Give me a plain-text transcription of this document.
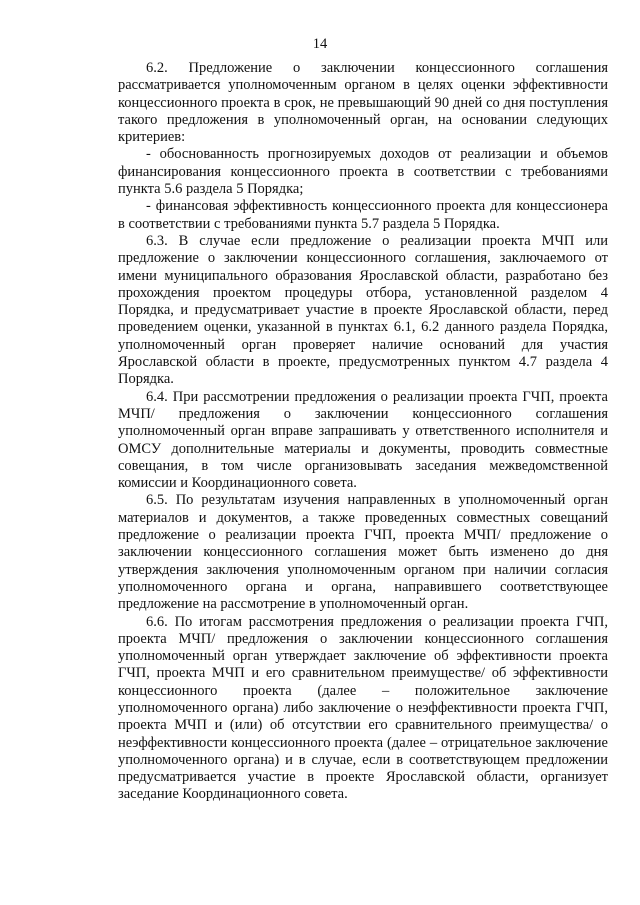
14

6.2. Предложение о заключении концессионного соглашения рассматривается уполномоченным органом в целях оценки эффективности концессионного проекта в срок, не превышающий 90 дней со дня поступления такого предложения в уполномоченный орган, на основании следующих критериев:

- обоснованность прогнозируемых доходов от реализации и объемов финансирования концессионного проекта в соответствии с требованиями пункта 5.6 раздела 5 Порядка;

- финансовая эффективность концессионного проекта для концессионера в соответствии с требованиями пункта 5.7 раздела 5 Порядка.

6.3. В случае если предложение о реализации проекта МЧП или предложение о заключении концессионного соглашения, заключаемого от имени муниципального образования Ярославской области, разработано без прохождения проектом процедуры отбора, установленной разделом 4 Порядка, и предусматривает участие в проекте Ярославской области, перед проведением оценки, указанной в пунктах 6.1, 6.2 данного раздела Порядка, уполномоченный орган проверяет наличие оснований для участия Ярославской области в проекте, предусмотренных пунктом 4.7 раздела 4 Порядка.

6.4. При рассмотрении предложения о реализации проекта ГЧП, проекта МЧП/ предложения о заключении концессионного соглашения уполномоченный орган вправе запрашивать у ответственного исполнителя и ОМСУ дополнительные материалы и документы, проводить совместные совещания, в том числе организовывать заседания межведомственной комиссии и Координационного совета.

6.5. По результатам изучения направленных в уполномоченный орган материалов и документов, а также проведенных совместных совещаний предложение о реализации проекта ГЧП, проекта МЧП/ предложение о заключении концессионного соглашения может быть изменено до дня утверждения заключения уполномоченным органом при наличии согласия уполномоченного органа и органа, направившего соответствующее предложение на рассмотрение в уполномоченный орган.

6.6. По итогам рассмотрения предложения о реализации проекта ГЧП, проекта МЧП/ предложения о заключении концессионного соглашения уполномоченный орган утверждает заключение об эффективности проекта ГЧП, проекта МЧП и его сравнительном преимуществе/ об эффективности концессионного проекта (далее – положительное заключение уполномоченного органа) либо заключение о неэффективности проекта ГЧП, проекта МЧП и (или) об отсутствии его сравнительного преимущества/ о неэффективности концессионного проекта (далее – отрицательное заключение уполномоченного органа) и в случае, если в соответствующем предложении предусматривается участие в проекте Ярославской области, организует заседание Координационного совета.
